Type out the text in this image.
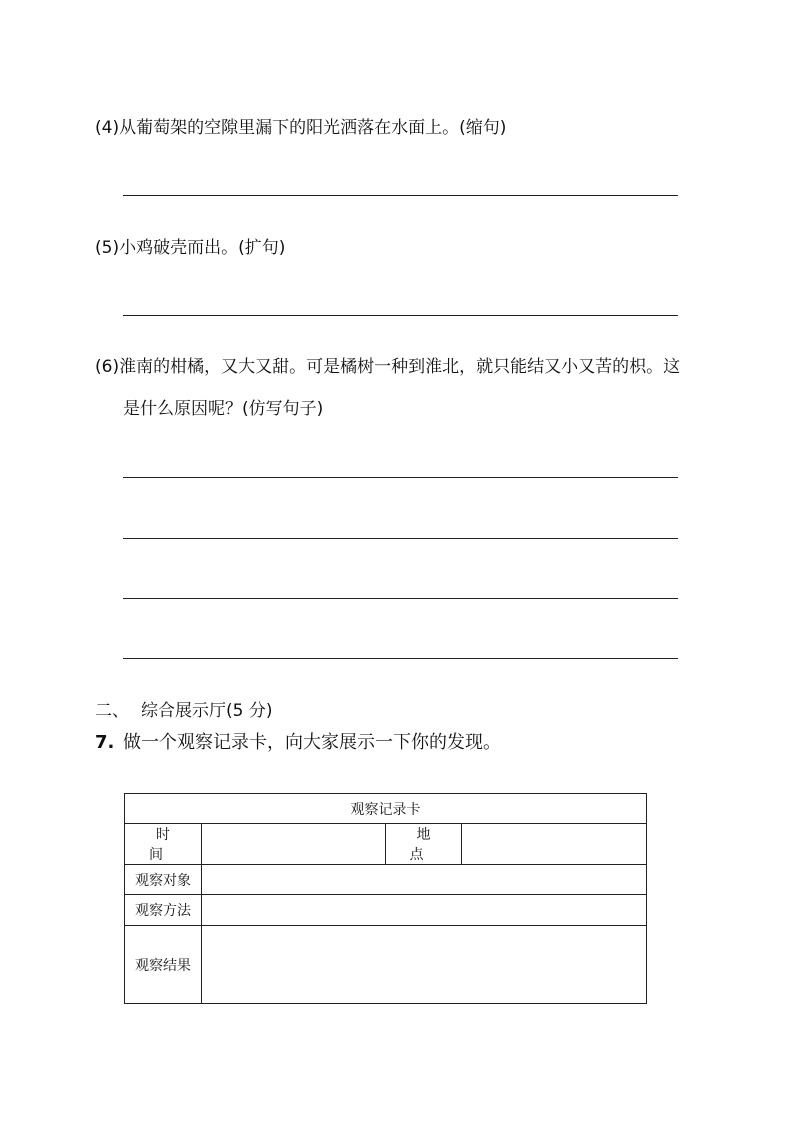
(4)从葡萄架的空隙里漏下的阳光洒落在水面上。(缩句)
(5)小鸡破壳而出。(扩句)
(6)淮南的柑橘，又大又甜。可是橘树一种到淮北，就只能结又小又苦的枳。这
是什么原因呢？(仿写句子)
二、 综合展示厅(5 分)
7. 做一个观察记录卡，向大家展示一下你的发现。
观察记录卡			
时 间		地 点	
观察对象			
观察方法			
观察结果			
